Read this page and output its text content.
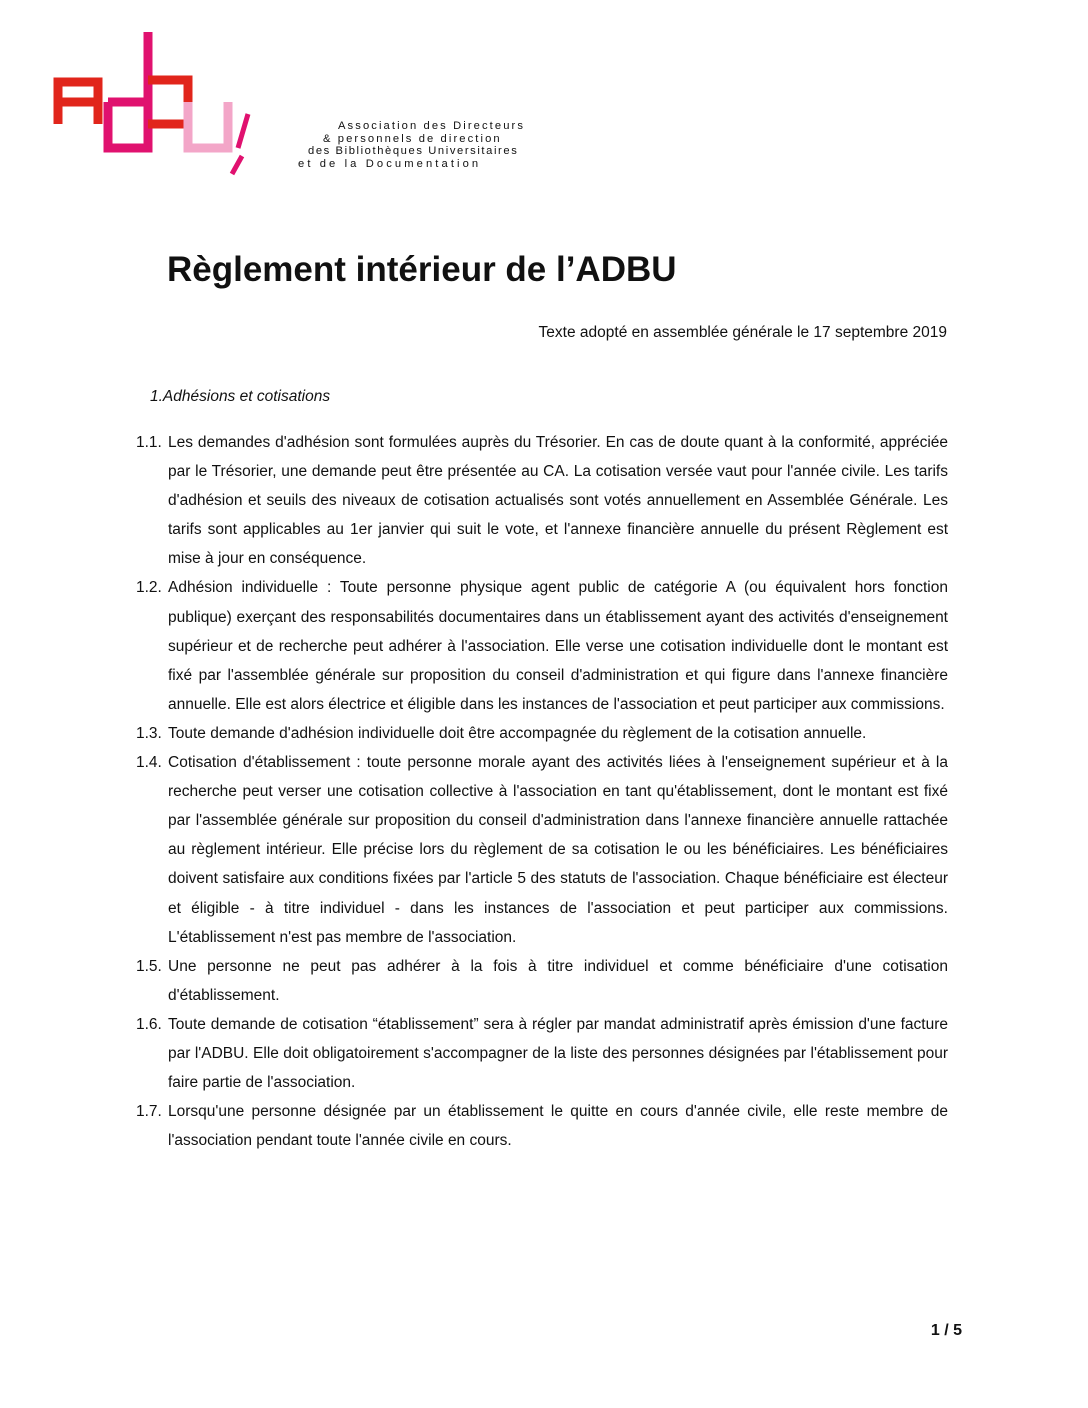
Association des Directeurs
& personnels de direction
des Bibliothèques Universitaires
et de la Documentation
Règlement intérieur de l’ADBU
Texte adopté en assemblée générale le 17 septembre 2019
1.Adhésions et cotisations
1.1. Les demandes d'adhésion sont formulées auprès du Trésorier. En cas de doute quant à la conformité, appréciée par le Trésorier, une demande peut être présentée au CA. La cotisation versée vaut pour l'année civile. Les tarifs d'adhésion et seuils des niveaux de cotisation actualisés sont votés annuellement en Assemblée Générale. Les tarifs sont applicables au 1er janvier qui suit le vote, et l'annexe financière annuelle du présent Règlement est mise à jour en conséquence.
1.2. Adhésion individuelle : Toute personne physique agent public de catégorie A (ou équivalent hors fonction publique) exerçant des responsabilités documentaires dans un établissement ayant des activités d'enseignement supérieur et de recherche peut adhérer à l'association. Elle verse une cotisation individuelle dont le montant est fixé par l'assemblée générale sur proposition du conseil d'administration et qui figure dans l'annexe financière annuelle. Elle est alors électrice et éligible dans les instances de l'association et peut participer aux commissions.
1.3. Toute demande d'adhésion individuelle doit être accompagnée du règlement de la cotisation annuelle.
1.4. Cotisation d'établissement : toute personne morale ayant des activités liées à l'enseignement supérieur et à la recherche peut verser une cotisation collective à l'association en tant qu'établissement, dont le montant est fixé par l'assemblée générale sur proposition du conseil d'administration dans l'annexe financière annuelle rattachée au règlement intérieur. Elle précise lors du règlement de sa cotisation le ou les bénéficiaires. Les bénéficiaires doivent satisfaire aux conditions fixées par l'article 5 des statuts de l'association. Chaque bénéficiaire est électeur et éligible - à titre individuel - dans les instances de l'association et peut participer aux commissions. L'établissement n'est pas membre de l'association.
1.5. Une personne ne peut pas adhérer à la fois à titre individuel et comme bénéficiaire d'une cotisation d'établissement.
1.6. Toute demande de cotisation “établissement” sera à régler par mandat administratif après émission d'une facture par l'ADBU. Elle doit obligatoirement s'accompagner de la liste des personnes désignées par l'établissement pour faire partie de l'association.
1.7. Lorsqu'une personne désignée par un établissement le quitte en cours d'année civile, elle reste membre de l'association pendant toute l'année civile en cours.
1 / 5
